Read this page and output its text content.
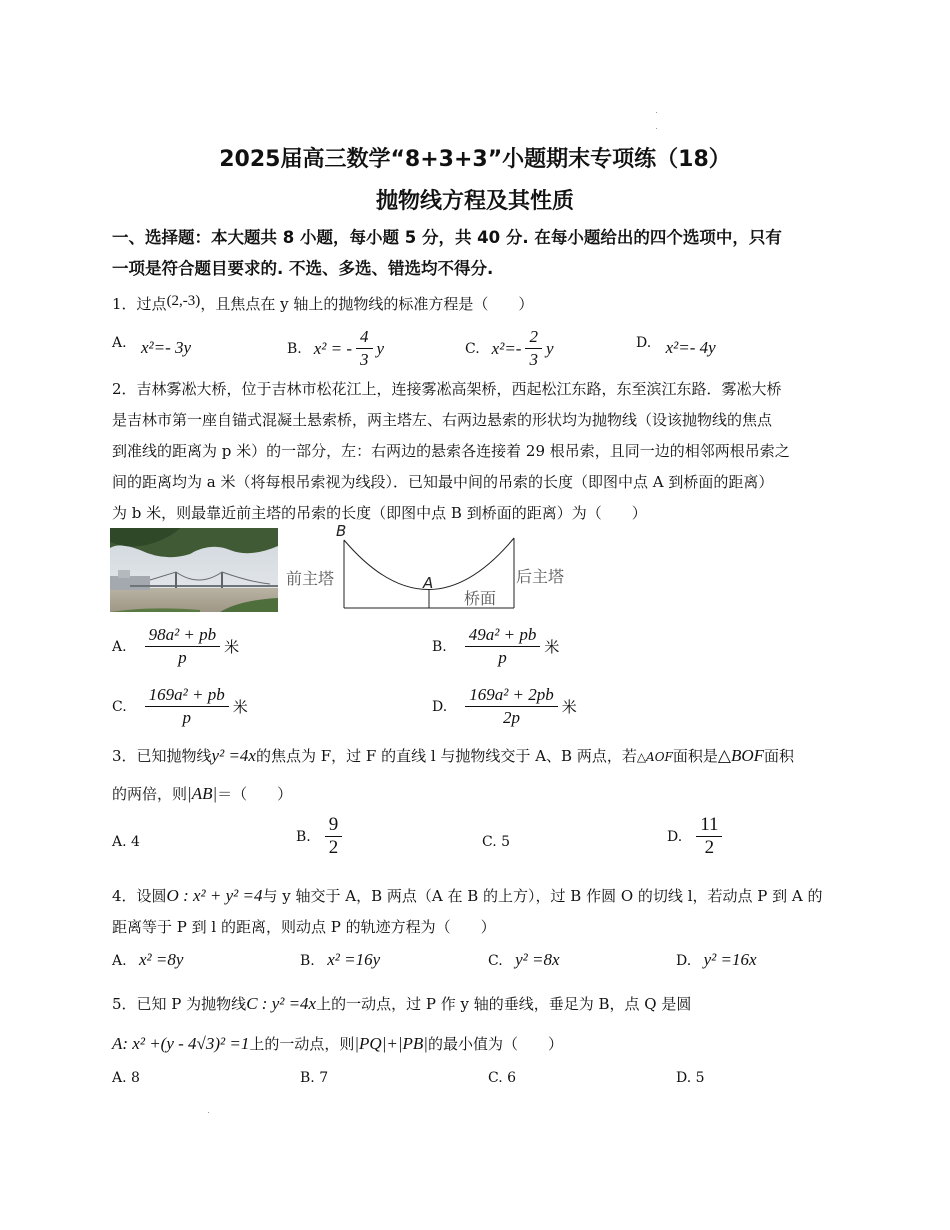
2025届高三数学“8+3+3”小题期末专项练（18）
抛物线方程及其性质
一、选择题：本大题共 8 小题，每小题 5 分，共 40 分. 在每小题给出的四个选项中，只有
一项是符合题目要求的. 不选、多选、错选均不得分.
1．过点(2,-3)，且焦点在 y 轴上的抛物线的标准方程是（　　）
A. x²=- 3y	B. x² = - $\frac{4}{3}$ y	C. $x^2=- \frac{2}{3}$ y	D. x²=- 4y
2．吉林雾凇大桥，位于吉林市松花江上，连接雾凇高架桥，西起松江东路，东至滨江东路．雾凇大桥
是吉林市第一座自锚式混凝土悬索桥，两主塔左、右两边悬索的形状均为抛物线（设该抛物线的焦点
到准线的距离为 p 米）的一部分，左：右两边的悬索各连接着 29 根吊索，且同一边的相邻两根吊索之
间的距离均为 a 米（将每根吊索视为线段）．已知最中间的吊索的长度（即图中点 A 到桥面的距离）
为 b 米，则最靠近前主塔的吊索的长度（即图中点 B 到桥面的距离）为（　　）
B
A
前主塔	后主塔
桥面
A. $\frac{\text{98a² + pb}}{p}$ 米	B. $\frac{\text{49a² + pb}}{p}$ 米
C. $\frac{\text{169a² + pb}}{p}$ 米	D. $\frac{\text{169a² + 2pb}}{2p}$ 米
3．已知抛物线y² =4x的焦点为 F，过 F 的直线 l 与抛物线交于 A、B 两点，若△AOF面积是△BOF面积
的两倍，则|AB|＝（　　）
A. 4	B. $\frac{9}{2}$	C. 5	D. $\frac{11}{2}$
4．设圆O : x² + y² =4与 y 轴交于 A，B 两点（A 在 B 的上方），过 B 作圆 O 的切线 l，若动点 P 到 A 的
距离等于 P 到 l 的距离，则动点 P 的轨迹方程为（　　）
A. x² =8y	B. x² =16y	C. y² =8x	D. y² =16x
5．已知 P 为抛物线C : y² =4x上的一动点，过 P 作 y 轴的垂线，垂足为 B，点 Q 是圆
A: x² +(y - 4√3)² =1上的一动点，则|PQ|+|PB|的最小值为（　　）
A. 8	B. 7	C. 6	D. 5
